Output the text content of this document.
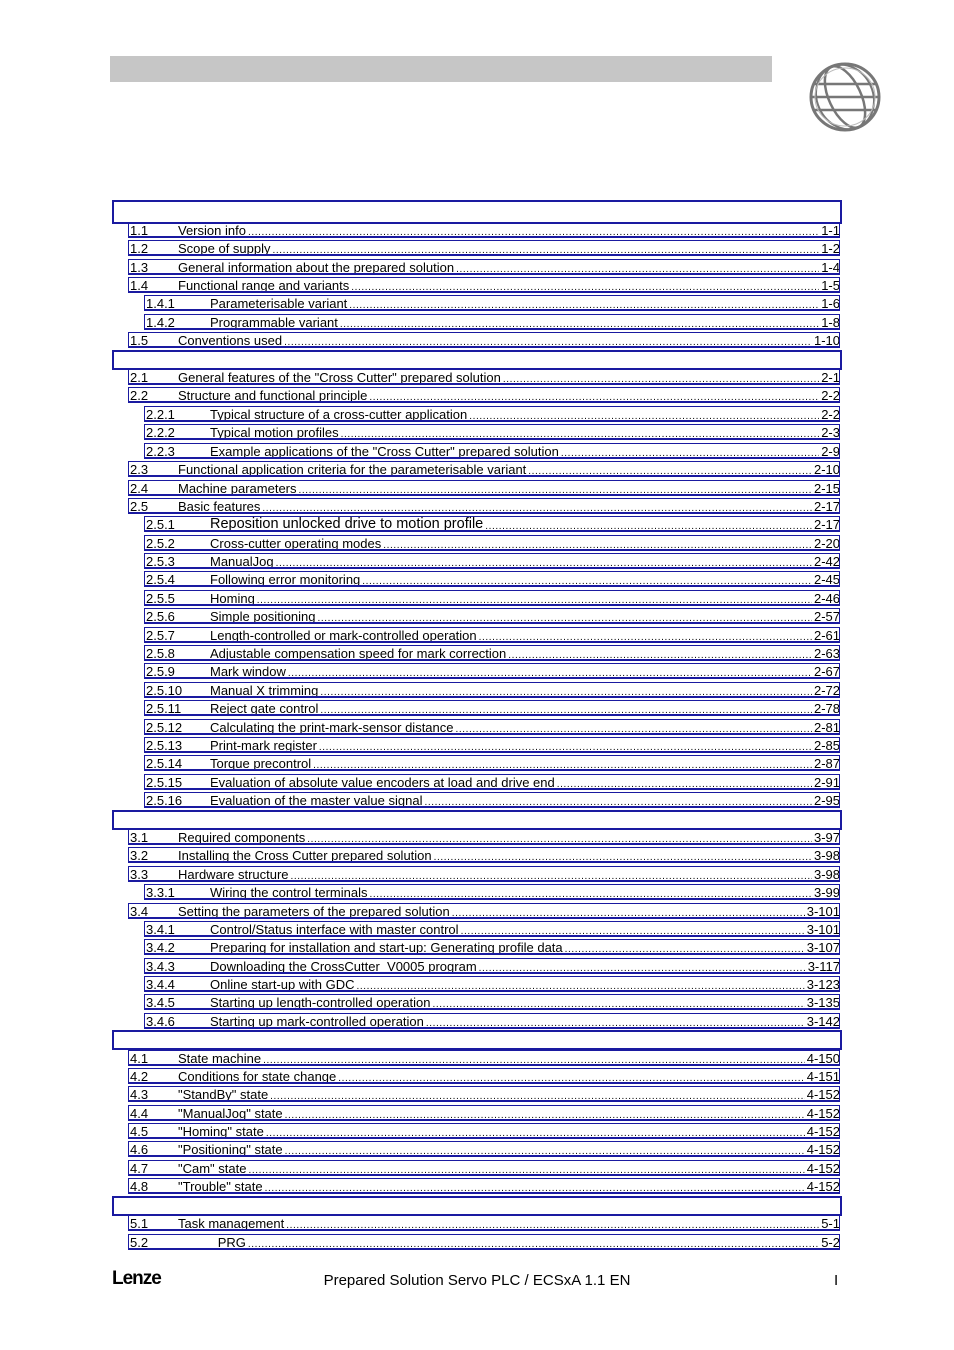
1.1 Version info .....	1-1
1.2 Scope of supply .....	1-2
1.3 General information about the prepared solution .....	1-4
1.4 Functional range and variants .....	1-5
1.4.1	Parameterisable variant .....	1-6
1.4.2	Programmable variant .....	1-8
1.5 Conventions used .....	1-10
2.1 General features of the "Cross Cutter" prepared solution .....	2-1
2.2 Structure and functional principle .....	2-2
2.2.1	Typical structure of a cross-cutter application .....	2-2
2.2.2	Typical motion profiles .....	2-3
2.2.3	Example applications of the "Cross Cutter" prepared solution .....	2-9
2.3 Functional application criteria for the parameterisable variant .....	2-10
2.4 Machine parameters .....	2-15
2.5 Basic features .....	2-17
2.5.1 Reposition unlocked drive to motion profile .....	2-17
2.5.2	Cross-cutter operating modes .....	2-20
2.5.3	ManualJog .....	2-42
2.5.4	Following error monitoring .....	2-45
2.5.5	Homing .....	2-46
2.5.6	Simple positioning .....	2-57
2.5.7	Length-controlled or mark-controlled operation .....	2-61
2.5.8	Adjustable compensation speed for mark correction .....	2-63
2.5.9	Mark window .....	2-67
2.5.10 Manual X trimming .....	2-72
2.5.11 Reject gate control .....	2-78
2.5.12 Calculating the print-mark-sensor distance .....	2-81
2.5.13 Print-mark register .....	2-85
2.5.14 Torque precontrol .....	2-87
2.5.15 Evaluation of absolute value encoders at load and drive end .....	2-91
2.5.16 Evaluation of the master value signal .....	2-95
3.1 Required components .....	3-97
3.2 Installing the Cross Cutter prepared solution .....	3-98
3.3 Hardware structure .....	3-98
3.3.1	Wiring the control terminals .....	3-99
3.4 Setting the parameters of the prepared solution .....	3-101
3.4.1	Control/Status interface with master control .....	3-101
3.4.2	Preparing for installation and start-up: Generating profile data .....	3-107
3.4.3	Downloading the CrossCutter_V0005 program .....	3-117
3.4.4	Online start-up with GDC .....	3-123
3.4.5	Starting up length-controlled operation .....	3-135
3.4.6	Starting up mark-controlled operation .....	3-142
4.1 State machine .....	4-150
4.2 Conditions for state change .....	4-151
4.3 "StandBy" state .....	4-152
4.4 "ManualJog" state .....	4-152
4.5 "Homing" state .....	4-152
4.6 "Positioning" state .....	4-152
4.7 "Cam" state .....	4-152
4.8 "Trouble" state .....	4-152
5.1 Task management .....	5-1
5.2 PRG .....	5-2
Lenze	Prepared Solution Servo PLC / ECSxA 1.1 EN	I
